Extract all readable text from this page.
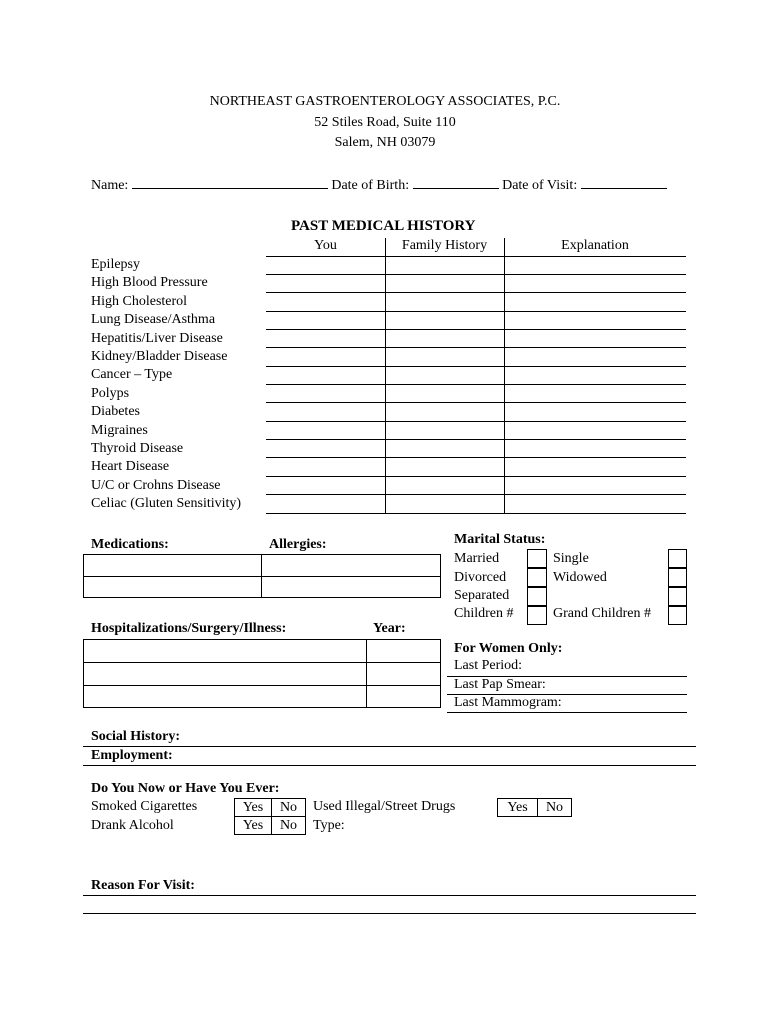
NORTHEAST GASTROENTEROLOGY ASSOCIATES, P.C.
52 Stiles Road, Suite 110
Salem, NH 03079
Name:	Date of Birth:	Date of Visit:
PAST MEDICAL HISTORY
You	Family History	Explanation
Epilepsy
High Blood Pressure
High Cholesterol
Lung Disease/Asthma
Hepatitis/Liver Disease
Kidney/Bladder Disease
Cancer – Type
Polyps
Diabetes
Migraines
Thyroid Disease
Heart Disease
U/C or Crohns Disease
Celiac (Gluten Sensitivity)
Medications:	Allergies:
Hospitalizations/Surgery/Illness:	Year:
Marital Status:
Married	Single
Divorced	Widowed
Separated
Children #	Grand Children #
For Women Only:
Last Period:
Last Pap Smear:
Last Mammogram:
Social History:
Employment:
Do You Now or Have You Ever:
Smoked Cigarettes
Drank Alcohol
Yes	No
Yes	No
Used Illegal/Street Drugs
Type:
Yes	No
Reason For Visit:
